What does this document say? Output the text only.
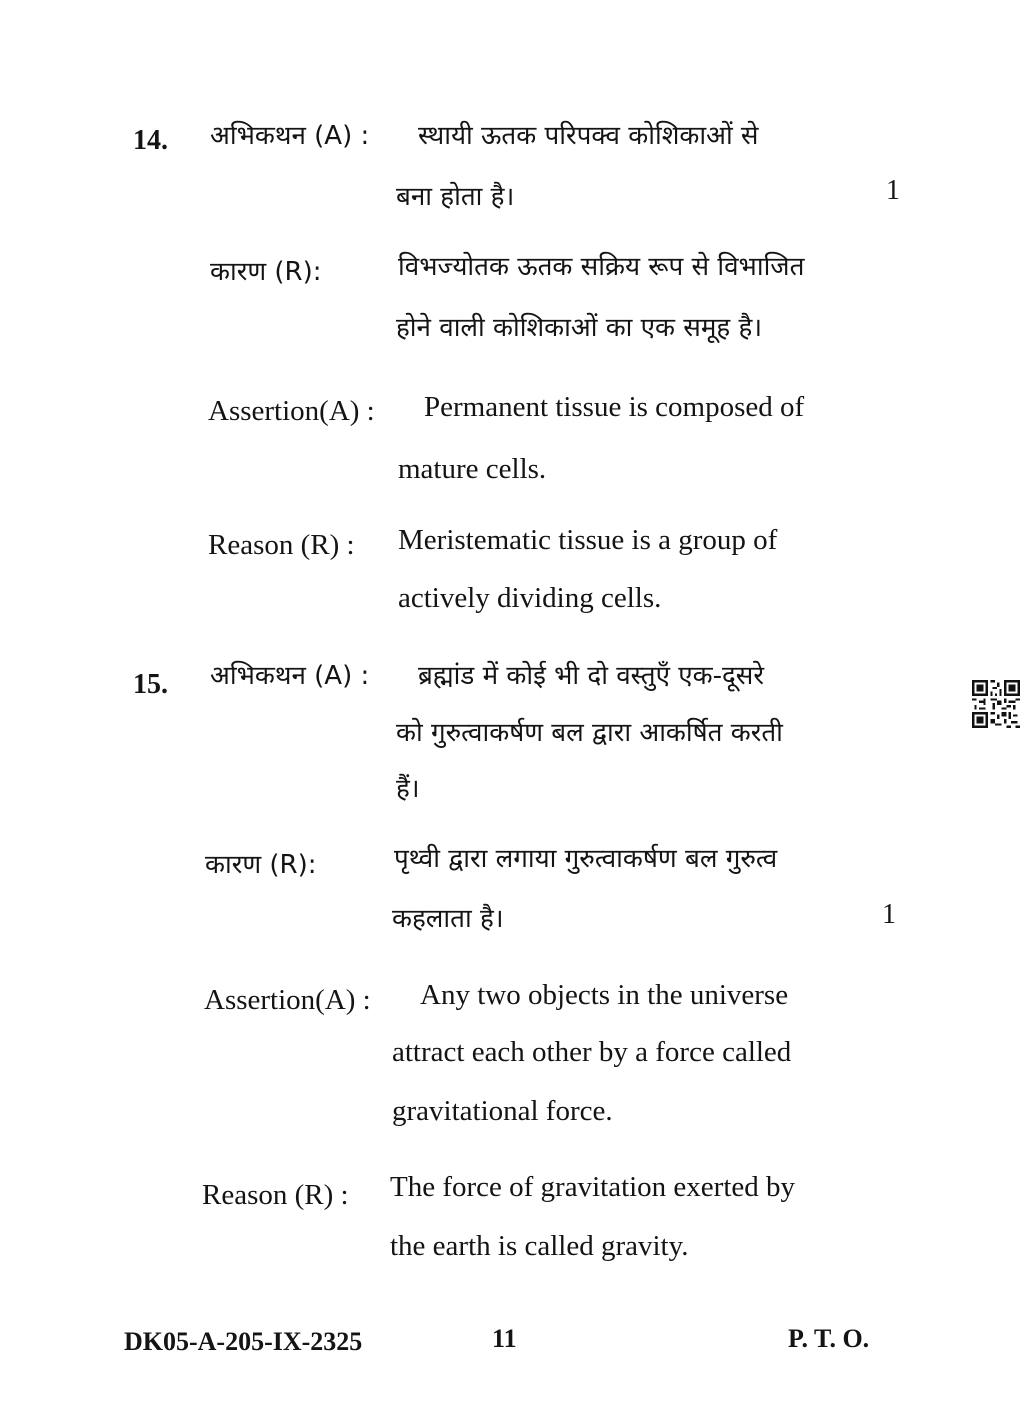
14. अभिकथन (A) : स्थायी ऊतक परिपक्व कोशिकाओं से
बना होता है।	1
कारण (R):	विभज्योतक ऊतक सक्रिय रूप से विभाजित
होने वाली कोशिकाओं का एक समूह है।
Assertion(A) : Permanent tissue is composed of
mature cells.
Reason (R) : Meristematic tissue is a group of
actively dividing cells.
15. अभिकथन (A) : ब्रह्मांड में कोई भी दो वस्तुएँ एक-दूसरे
को गुरुत्वाकर्षण बल द्वारा आकर्षित करती
हैं।
कारण (R):	पृथ्वी द्वारा लगाया गुरुत्वाकर्षण बल गुरुत्व
कहलाता है।	1
Assertion(A) : Any two objects in the universe
attract each other by a force called
gravitational force.
Reason (R) : The force of gravitation exerted by
the earth is called gravity.
DK05-A-205-IX-2325	11	P. T. O.
